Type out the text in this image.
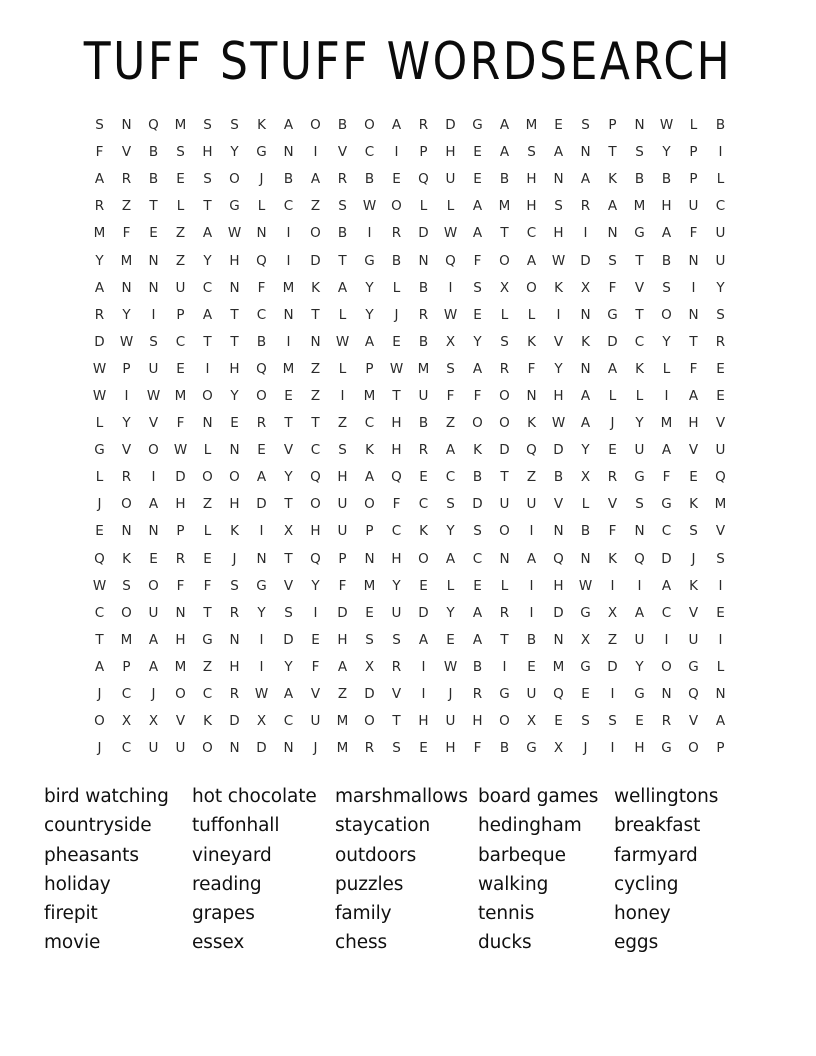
TUFF STUFF WORDSEARCH
S	N	Q	M	S	S	K	A	O	B	O	A	R	D	G	A	M	E	S	P	N	W	L	B
F	V	B	S	H	Y	G	N	I	V	C	I	P	H	E	A	S	A	N	T	S	Y	P	I
A	R	B	E	S	O	J	B	A	R	B	E	Q	U	E	B	H	N	A	K	B	B	P	L
R	Z	T	L	T	G	L	C	Z	S	W	O	L	L	A	M	H	S	R	A	M	H	U	C
M	F	E	Z	A	W	N	I	O	B	I	R	D	W	A	T	C	H	I	N	G	A	F	U
Y	M	N	Z	Y	H	Q	I	D	T	G	B	N	Q	F	O	A	W	D	S	T	B	N	U
A	N	N	U	C	N	F	M	K	A	Y	L	B	I	S	X	O	K	X	F	V	S	I	Y
R	Y	I	P	A	T	C	N	T	L	Y	J	R	W	E	L	L	I	N	G	T	O	N	S
D	W	S	C	T	T	B	I	N	W	A	E	B	X	Y	S	K	V	K	D	C	Y	T	R
W	P	U	E	I	H	Q	M	Z	L	P	W	M	S	A	R	F	Y	N	A	K	L	F	E
W	I	W	M	O	Y	O	E	Z	I	M	T	U	F	F	O	N	H	A	L	L	I	A	E
L	Y	V	F	N	E	R	T	T	Z	C	H	B	Z	O	O	K	W	A	J	Y	M	H	V
G	V	O	W	L	N	E	V	C	S	K	H	R	A	K	D	Q	D	Y	E	U	A	V	U
L	R	I	D	O	O	A	Y	Q	H	A	Q	E	C	B	T	Z	B	X	R	G	F	E	Q
J	O	A	H	Z	H	D	T	O	U	O	F	C	S	D	U	U	V	L	V	S	G	K	M
E	N	N	P	L	K	I	X	H	U	P	C	K	Y	S	O	I	N	B	F	N	C	S	V
Q	K	E	R	E	J	N	T	Q	P	N	H	O	A	C	N	A	Q	N	K	Q	D	J	S
W	S	O	F	F	S	G	V	Y	F	M	Y	E	L	E	L	I	H	W	I	I	A	K	I
C	O	U	N	T	R	Y	S	I	D	E	U	D	Y	A	R	I	D	G	X	A	C	V	E
T	M	A	H	G	N	I	D	E	H	S	S	A	E	A	T	B	N	X	Z	U	I	U	I
A	P	A	M	Z	H	I	Y	F	A	X	R	I	W	B	I	E	M	G	D	Y	O	G	L
J	C	J	O	C	R	W	A	V	Z	D	V	I	J	R	G	U	Q	E	I	G	N	Q	N
O	X	X	V	K	D	X	C	U	M	O	T	H	U	H	O	X	E	S	S	E	R	V	A
J	C	U	U	O	N	D	N	J	M	R	S	E	H	F	B	G	X	J	I	H	G	O	P
bird watching
countryside
pheasants
holiday
firepit
movie
hot chocolate
tuffonhall
vineyard
reading
grapes
essex
marshmallows
staycation
outdoors
puzzles
family
chess
board games
hedingham
barbeque
walking
tennis
ducks
wellingtons
breakfast
farmyard
cycling
honey
eggs
